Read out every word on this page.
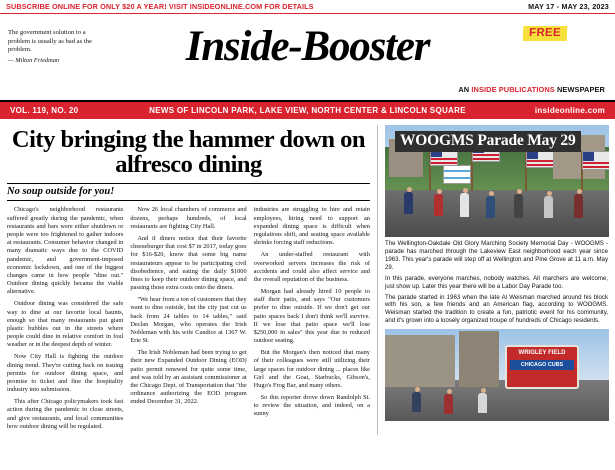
SUBSCRIBE ONLINE FOR ONLY $20 A YEAR! VISIT INSIDEONLINE.COM FOR DETAILS	MAY 17 - MAY 23, 2023
The government solution to a problem is usually as bad as the problem.
— Milton Friedman
FREE
Inside-Booster
AN INSIDE PUBLICATIONS NEWSPAPER
VOL. 119, NO. 20	NEWS OF LINCOLN PARK, LAKE VIEW, NORTH CENTER & LINCOLN SQUARE	insideonline.com
City bringing the hammer down on alfresco dining
No soup outside for you!

Chicago's neighborhood restaurants suffered greatly during the pandemic, when restaurants and bars were either shutdown or people were too frightened to gather indoors at restaurants. Consumer behavior changed in many dramatic ways due to the COVID pandemic, and government-imposed economic lockdown, and one of the biggest changes came in how people "dine out." Outdoor dining quickly became the viable alternative.

Outdoor dining was considered the safe way to dine at our favorite local haunts, enough so that many restaurants put giant plastic bubbles out in the streets where people could dine in relative comfort in foul weather or in the deepest depth of winter.

Now City Hall is fighting the outdoor dining trend. They're cutting back on issuing permits for outdoor dining space, and promise to ticket and fine the hospitality industry into submission.

This after Chicago policymakers took fast action during the pandemic to close streets, and give restaurants, and local communities how outdoor dining will be regulated.

Now 26 local chambers of commerce and dozens, perhaps hundreds, of local restaurants are fighting City Hall.

And if diners notice that their favorite cheeseburger that cost $7 in 2017, today goes for $16-$20, know that some big name restaurateurs appear to be participating civil disobedience, and eating the daily $1000 fines to keep their outdoor dining space, and passing those extra costs onto the diners.

"We hear from a ton of customers that they want to dine outside, but the city just cut us back from 24 tables to 14 tables," said Declan Morgan, who operates the Irish Nobleman with his wife Candice at 1367 W. Erie St.

The Irish Nobleman had been trying to get their new Expanded Outdoor Dining (EOD) patio permit renewed for quite some time, and was told by an assistant commissioner at the Chicago Dept. of Transportation that "the ordinance authorizing the EOD program ended December 31, 2022.

industries are struggling to hire and retain employees, hiring need to support an expanded dining space is difficult when regulations shift, and seating space available shrinks forcing staff reductions.

An under-staffed restaurant with overworked servers increases the risk of accidents and could also affect service and the overall reputation of the business.

Morgan had already hired 10 people to staff their patio, and says "Our customers prefer to dine outside. If we don't get our patio spaces back I don't think we'll survive. If we lose that patio space we'll lose $250,000 in sales" this year due to reduced outdoor seating.

But the Morgan's then noticed that many of their colleagues were still utilizing their large spaces for outdoor dining ... places like Girl and the Goat, Starbucks, Gibson's, Hugo's Frog Bar, and many others.

So this reporter drove down Randolph St. to review the situation, and indeed, on a sunny

WOOGMS Parade May 29

The Wellington-Oakdale Old Glory Marching Society Memorial Day - WOOGMS - parade has marched through the Lakeview East neighborhood each year since 1963. This year's parade will step off at Wellington and Pine Grove at 11 a.m. May 29.

In this parade, everyone marches, nobody watches. All marchers are welcome, just show up. Later this year there will be a Labor Day Parade too.

The parade started in 1963 when the late Al Weisman marched around his block with his son, a few friends and an American flag, according to WOOGMS. Weisman started the tradition to create a fun, patriotic event for his community, and it's grown into a loosely organized troupe of hundreds of Chicago residents.

WRIGLEY FIELD
CHICAGO CUBS
